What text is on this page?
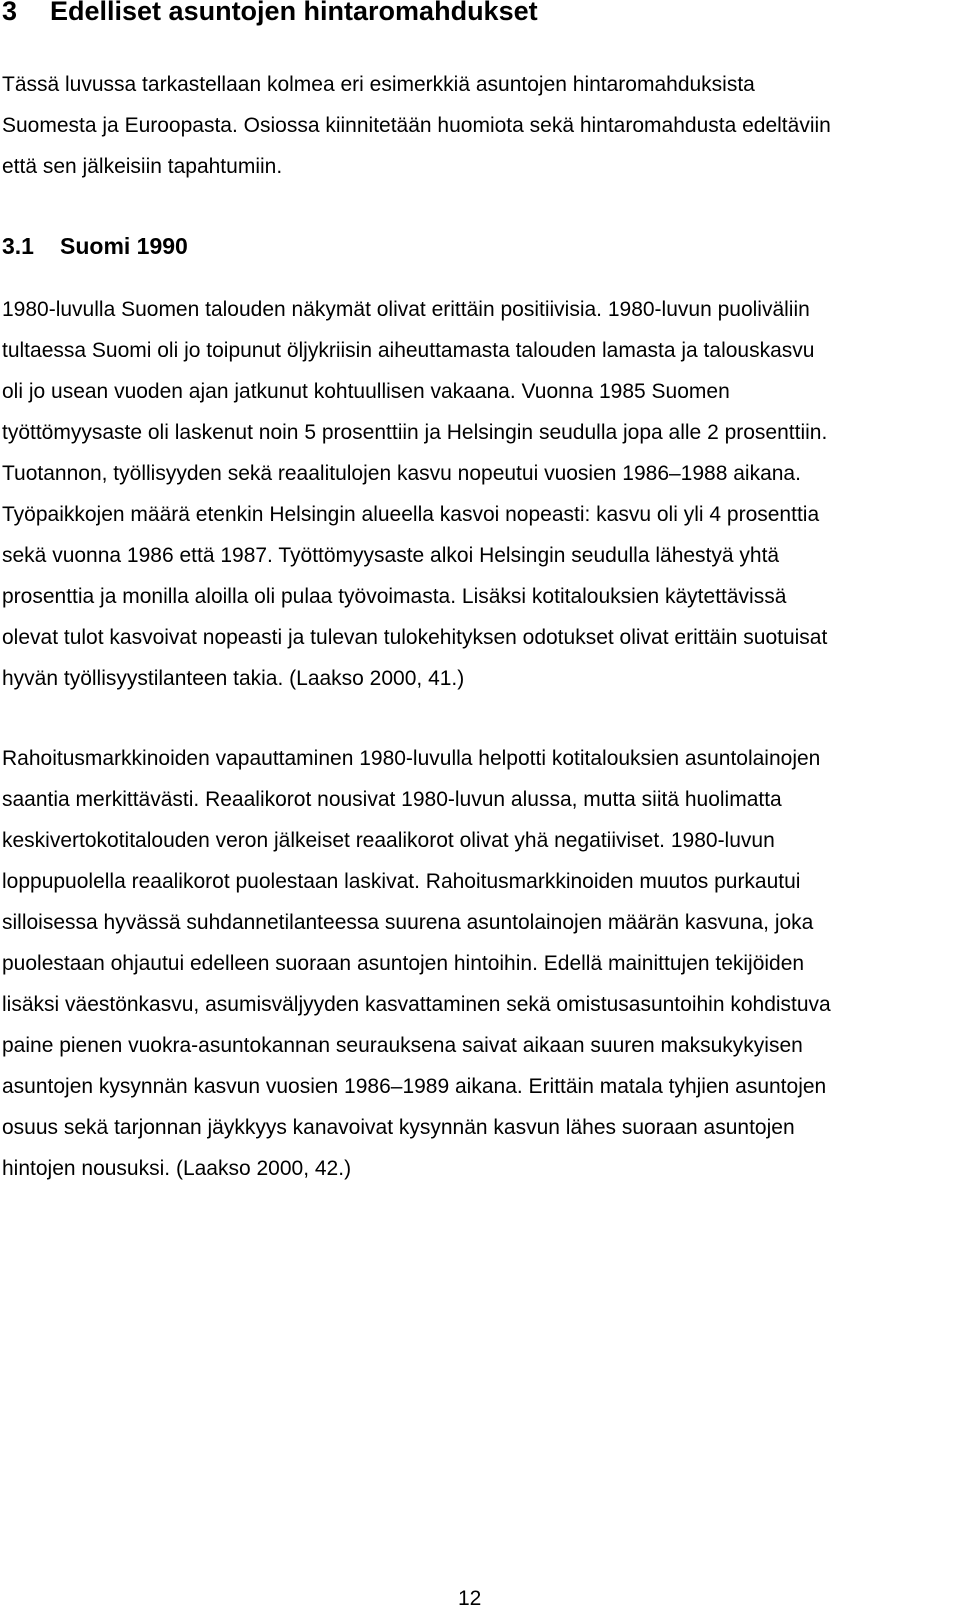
3 Edelliset asuntojen hintaromahdukset

Tässä luvussa tarkastellaan kolmea eri esimerkkiä asuntojen hintaromahduksista
Suomesta ja Euroopasta. Osiossa kiinnitetään huomiota sekä hintaromahdusta edeltäviin
että sen jälkeisiin tapahtumiin.

3.1 Suomi 1990

1980-luvulla Suomen talouden näkymät olivat erittäin positiivisia. 1980-luvun puoliväliin
tultaessa Suomi oli jo toipunut öljykriisin aiheuttamasta talouden lamasta ja talouskasvu
oli jo usean vuoden ajan jatkunut kohtuullisen vakaana. Vuonna 1985 Suomen
työttömyysaste oli laskenut noin 5 prosenttiin ja Helsingin seudulla jopa alle 2 prosenttiin.
Tuotannon, työllisyyden sekä reaalitulojen kasvu nopeutui vuosien 1986–1988 aikana.
Työpaikkojen määrä etenkin Helsingin alueella kasvoi nopeasti: kasvu oli yli 4 prosenttia
sekä vuonna 1986 että 1987. Työttömyysaste alkoi Helsingin seudulla lähestyä yhtä
prosenttia ja monilla aloilla oli pulaa työvoimasta. Lisäksi kotitalouksien käytettävissä
olevat tulot kasvoivat nopeasti ja tulevan tulokehityksen odotukset olivat erittäin suotuisat
hyvän työllisyystilanteen takia. (Laakso 2000, 41.)

Rahoitusmarkkinoiden vapauttaminen 1980-luvulla helpotti kotitalouksien asuntolainojen
saantia merkittävästi. Reaalikorot nousivat 1980-luvun alussa, mutta siitä huolimatta
keskivertokotitalouden veron jälkeiset reaalikorot olivat yhä negatiiviset. 1980-luvun
loppupuolella reaalikorot puolestaan laskivat. Rahoitusmarkkinoiden muutos purkautui
silloisessa hyvässä suhdannetilanteessa suurena asuntolainojen määrän kasvuna, joka
puolestaan ohjautui edelleen suoraan asuntojen hintoihin. Edellä mainittujen tekijöiden
lisäksi väestönkasvu, asumisväljyyden kasvattaminen sekä omistusasuntoihin kohdistuva
paine pienen vuokra-asuntokannan seurauksena saivat aikaan suuren maksukykyisen
asuntojen kysynnän kasvun vuosien 1986–1989 aikana. Erittäin matala tyhjien asuntojen
osuus sekä tarjonnan jäykkyys kanavoivat kysynnän kasvun lähes suoraan asuntojen
hintojen nousuksi. (Laakso 2000, 42.)

12
